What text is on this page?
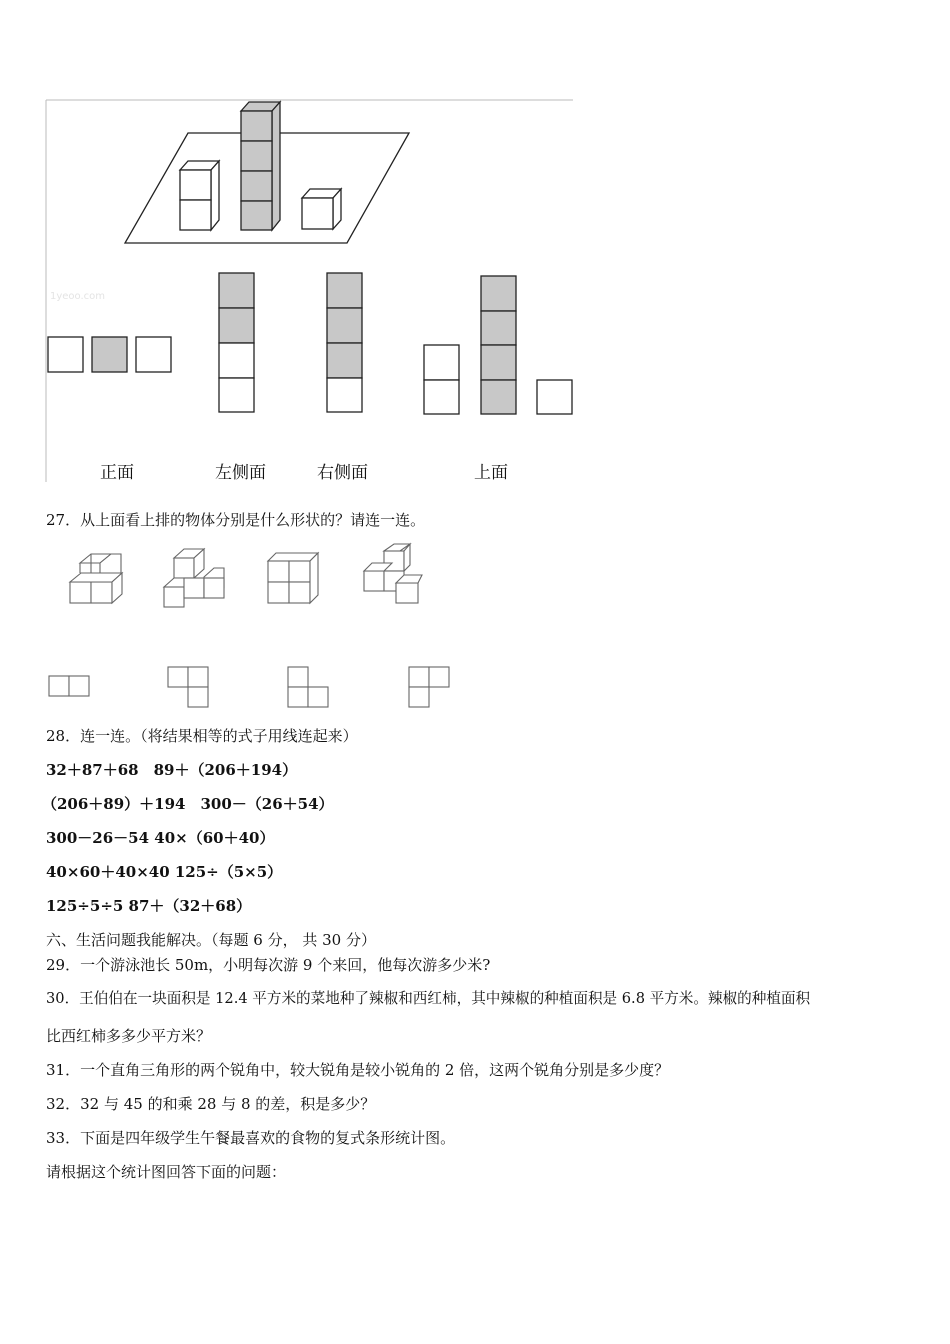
1yeoo.com
正面	左侧面	右侧面	上面
27．从上面看上排的物体分别是什么形状的？请连一连。
28．连一连。（将结果相等的式子用线连起来）
32＋87＋68　89＋（206＋194）
（206＋89）＋194　300－（26＋54）
300－26－54 40×（60＋40）
40×60＋40×40 125÷（5×5）
125÷5÷5 87＋（32＋68）
六、生活问题我能解决。（每题 6 分， 共 30 分）
29．一个游泳池长 50m，小明每次游 9 个来回，他每次游多少米?
30．王伯伯在一块面积是 12.4 平方米的菜地种了辣椒和西红柿，其中辣椒的种植面积是 6.8 平方米。辣椒的种植面积
比西红柿多多少平方米？
31．一个直角三角形的两个锐角中，较大锐角是较小锐角的 2 倍，这两个锐角分别是多少度？
32．32 与 45 的和乘 28 与 8 的差，积是多少？
33．下面是四年级学生午餐最喜欢的食物的复式条形统计图。
请根据这个统计图回答下面的问题：
